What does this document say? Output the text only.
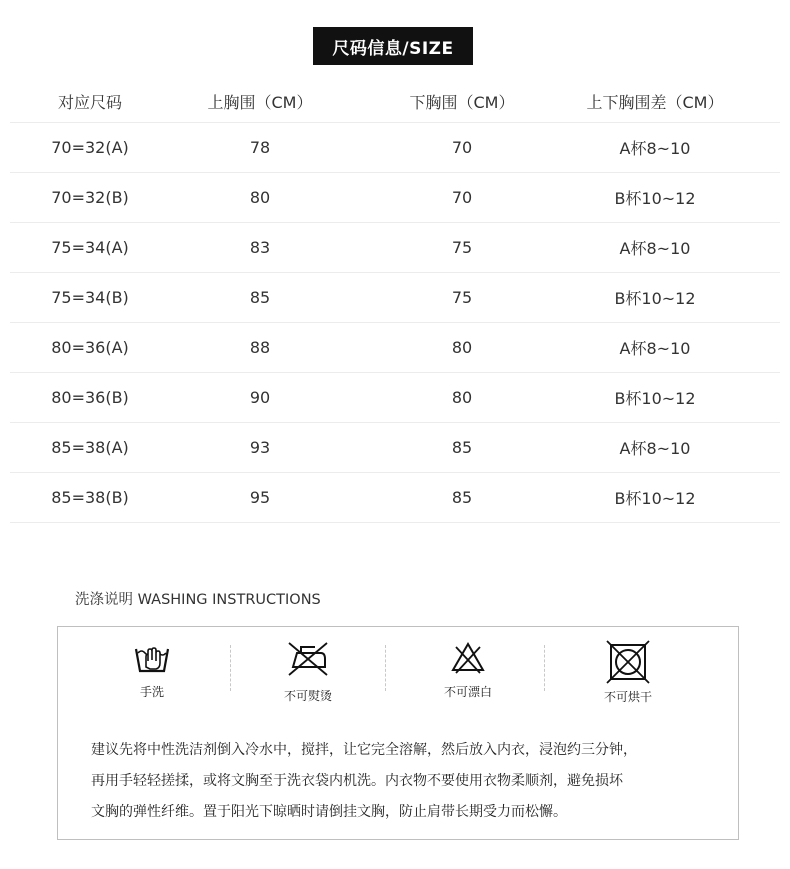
尺码信息/SIZE
对应尺码	上胸围（CM）	下胸围（CM）	上下胸围差（CM）
70=32(A)	78	70	A杯8~10
70=32(B)	80	70	B杯10~12
75=34(A)	83	75	A杯8~10
75=34(B)	85	75	B杯10~12
80=36(A)	88	80	A杯8~10
80=36(B)	90	80	B杯10~12
85=38(A)	93	85	A杯8~10
85=38(B)	95	85	B杯10~12
洗涤说明 WASHING INSTRUCTIONS
手洗	不可熨烫	不可漂白	不可烘干
建议先将中性洗洁剂倒入冷水中，搅拌，让它完全溶解，然后放入内衣，浸泡约三分钟，
再用手轻轻搓揉，或将文胸至于洗衣袋内机洗。内衣物不要使用衣物柔顺剂，避免损坏
文胸的弹性纤维。置于阳光下晾晒时请倒挂文胸，防止肩带长期受力而松懈。
